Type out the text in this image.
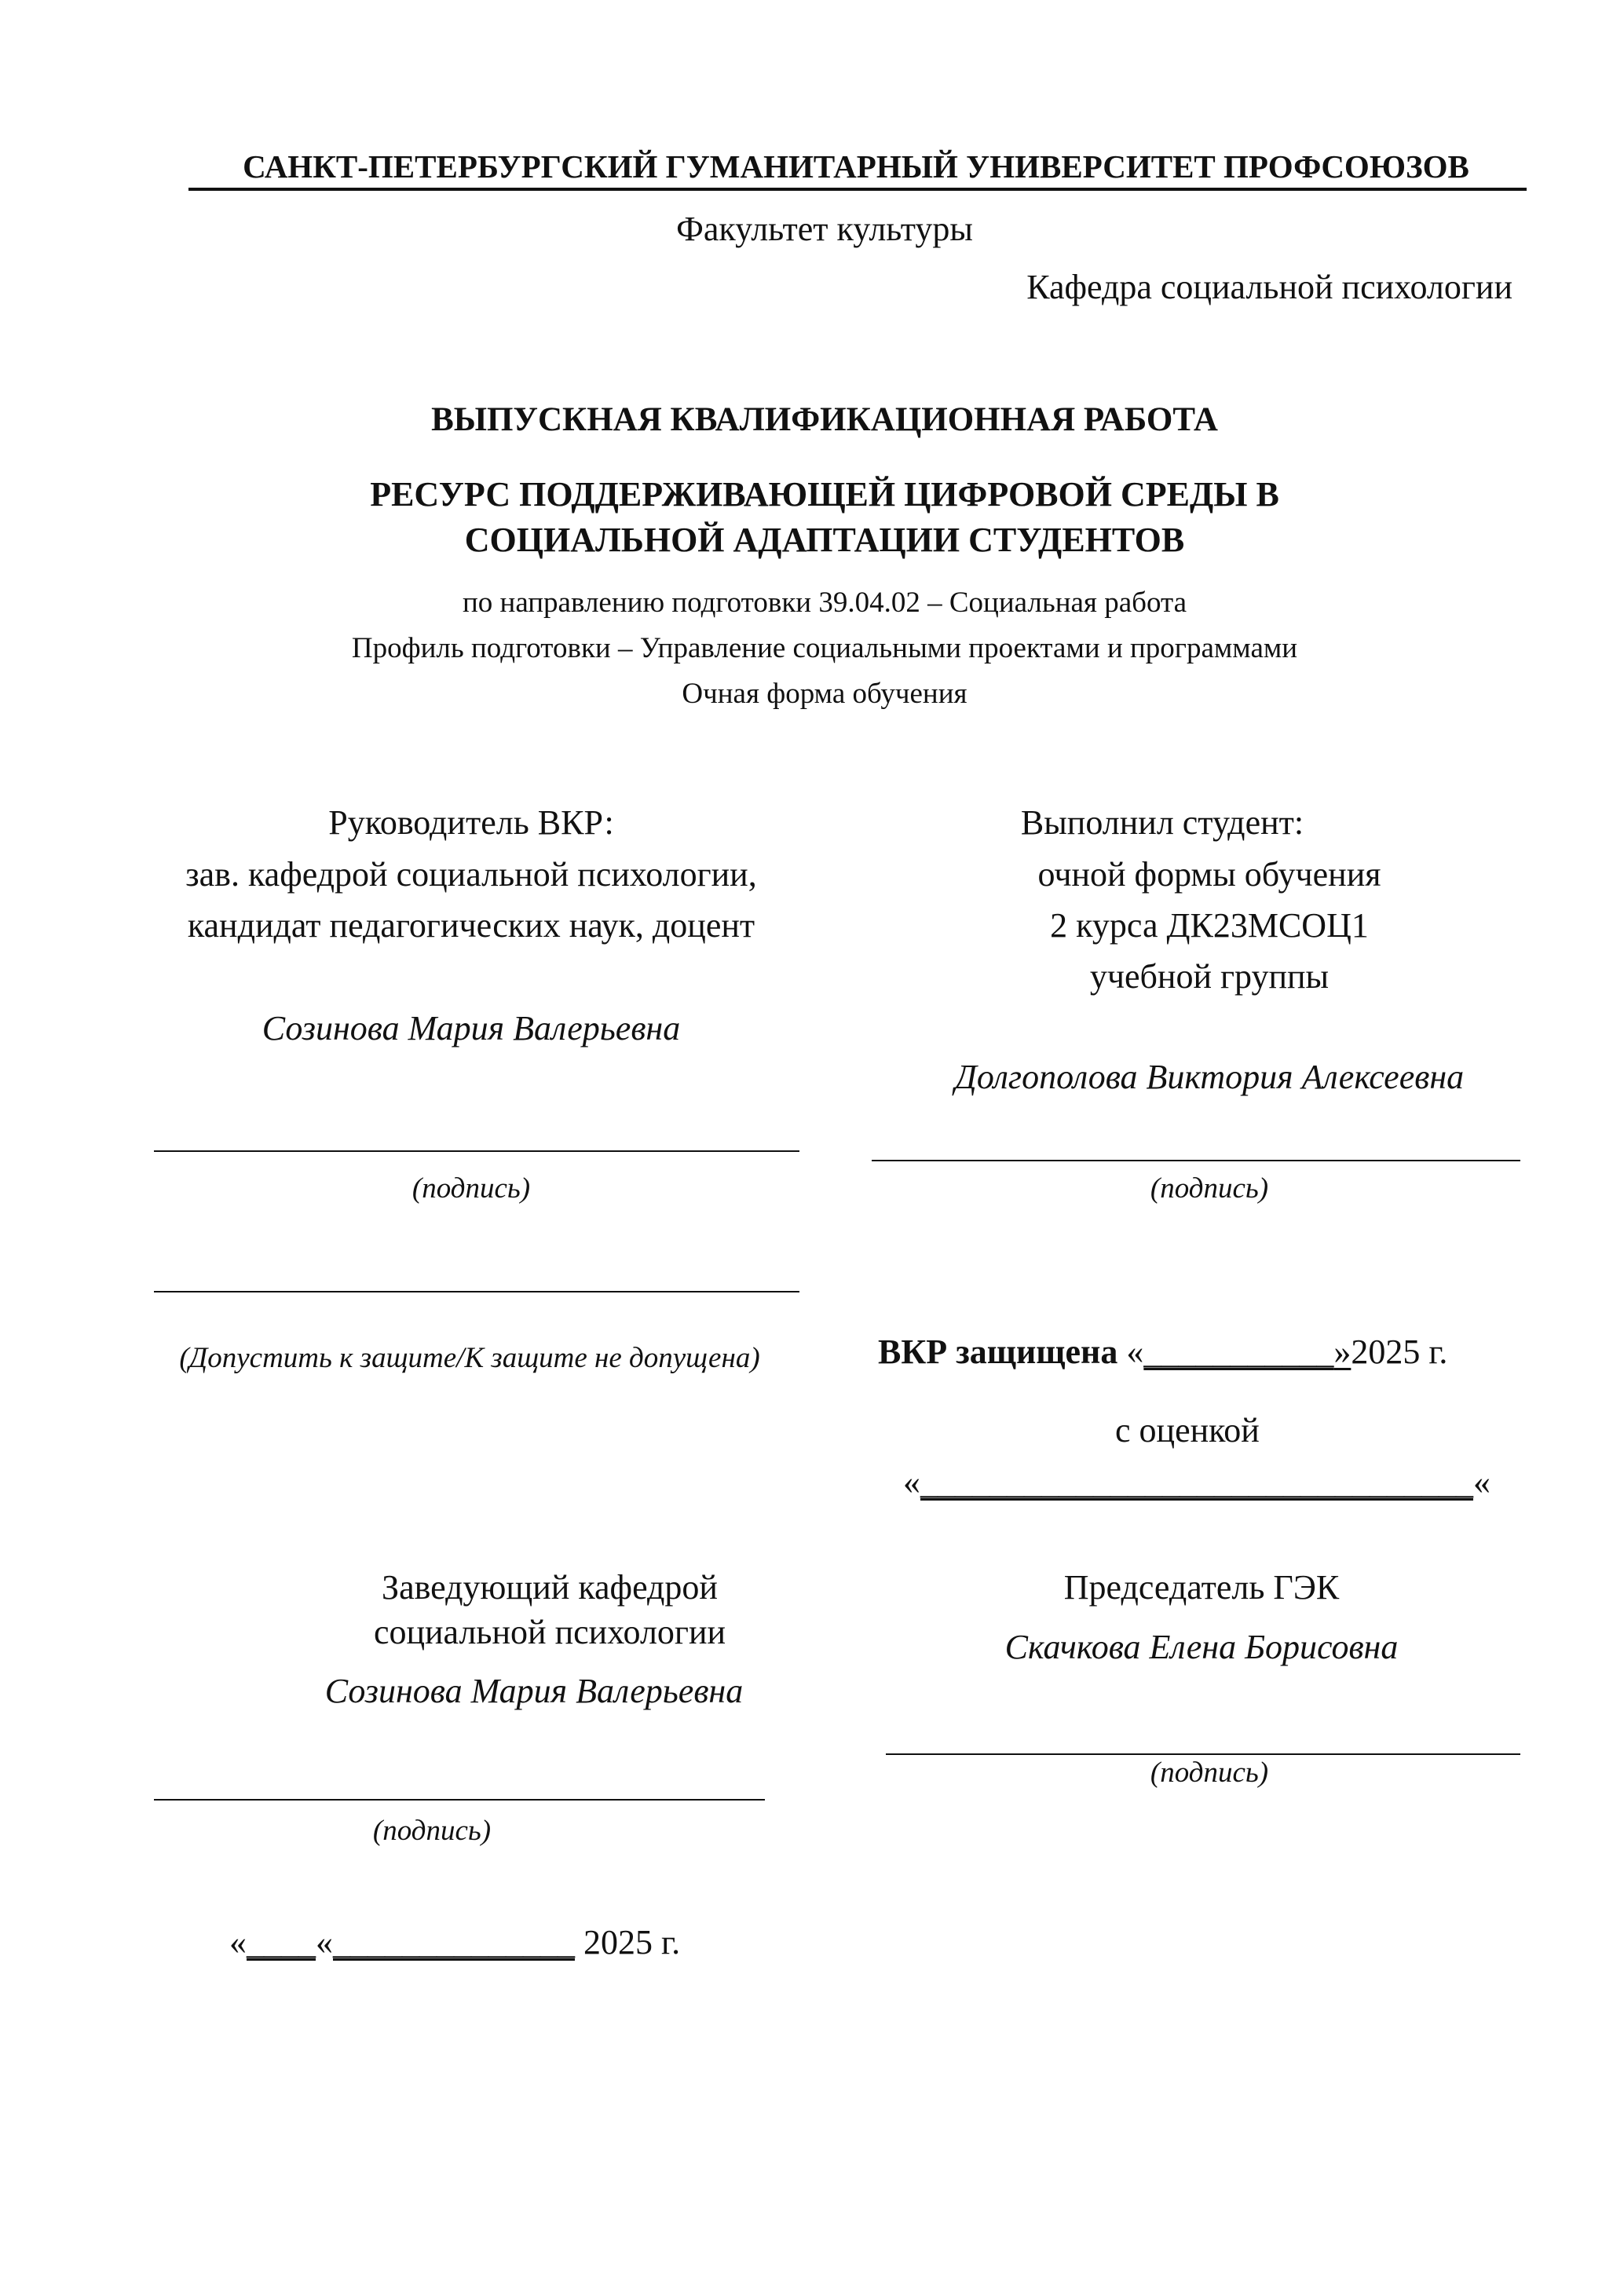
САНКТ-ПЕТЕРБУРГСКИЙ ГУМАНИТАРНЫЙ УНИВЕРСИТЕТ ПРОФСОЮЗОВ
Факультет культуры
Кафедра социальной психологии
ВЫПУСКНАЯ КВАЛИФИКАЦИОННАЯ РАБОТА
РЕСУРС ПОДДЕРЖИВАЮЩЕЙ ЦИФРОВОЙ СРЕДЫ В
СОЦИАЛЬНОЙ АДАПТАЦИИ СТУДЕНТОВ
по направлению подготовки 39.04.02 – Социальная работа
Профиль подготовки – Управление социальными проектами и программами
Очная форма обучения
Руководитель ВКР:
зав. кафедрой социальной психологии,
кандидат педагогических наук, доцент
Созинова Мария Валерьевна
(подпись)
(Допустить к защите/К защите не допущена)
Выполнил студент:
очной формы обучения
2 курса ДК23МСОЦ1
учебной группы
Долгополова Виктория Алексеевна
(подпись)
ВКР защищена «___________»2025 г.
с оценкой
«________________________________«
Заведующий кафедрой
социальной психологии
Созинова Мария Валерьевна
(подпись)
«____«______________ 2025 г.
Председатель ГЭК
Скачкова Елена Борисовна
(подпись)
